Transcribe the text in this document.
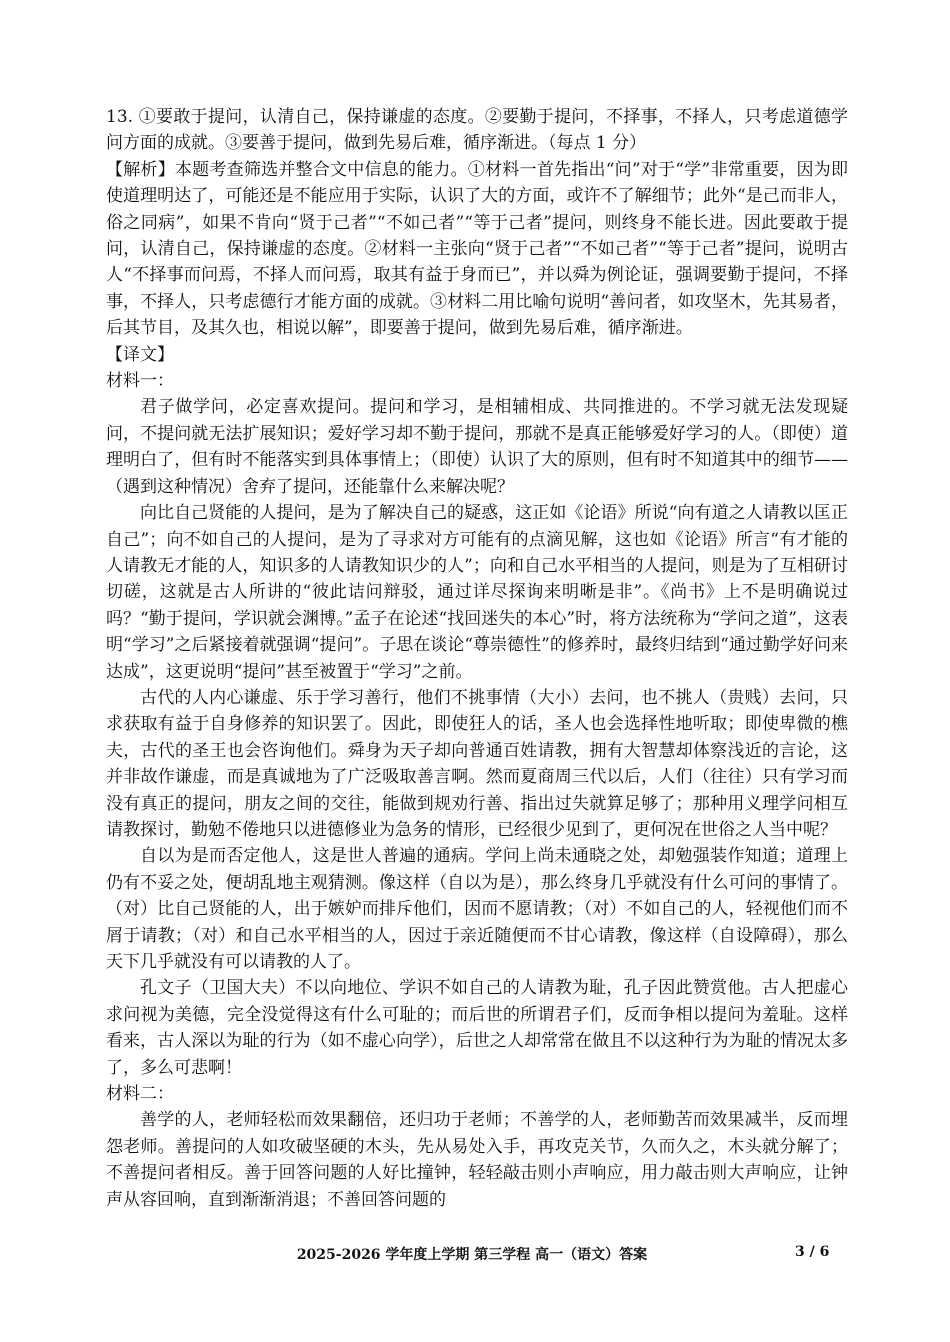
13. ①要敢于提问，认清自己，保持谦虚的态度。②要勤于提问，不择事，不择人，只考虑道德学问方面的成就。③要善于提问，做到先易后难，循序渐进。（每点 1 分）

【解析】本题考查筛选并整合文中信息的能力。①材料一首先指出“问”对于“学”非常重要，因为即使道理明达了，可能还是不能应用于实际，认识了大的方面，或许不了解细节；此外“是己而非人，俗之同病”，如果不肯向“贤于己者”“不如己者”“等于己者”提问，则终身不能长进。因此要敢于提问，认清自己，保持谦虚的态度。②材料一主张向“贤于己者”“不如己者”“等于己者”提问，说明古人“不择事而问焉，不择人而问焉，取其有益于身而已”，并以舜为例论证，强调要勤于提问，不择事，不择人，只考虑德行才能方面的成就。③材料二用比喻句说明“善问者，如攻坚木，先其易者，后其节目，及其久也，相说以解”，即要善于提问，做到先易后难，循序渐进。

【译文】

材料一：

君子做学问，必定喜欢提问。提问和学习，是相辅相成、共同推进的。不学习就无法发现疑问，不提问就无法扩展知识；爱好学习却不勤于提问，那就不是真正能够爱好学习的人。（即使）道理明白了，但有时不能落实到具体事情上；（即使）认识了大的原则，但有时不知道其中的细节——（遇到这种情况）舍弃了提问，还能靠什么来解决呢？

向比自己贤能的人提问，是为了解决自己的疑惑，这正如《论语》所说“向有道之人请教以匡正自己”；向不如自己的人提问，是为了寻求对方可能有的点滴见解，这也如《论语》所言“有才能的人请教无才能的人，知识多的人请教知识少的人”；向和自己水平相当的人提问，则是为了互相研讨切磋，这就是古人所讲的“彼此诘问辩驳，通过详尽探询来明晰是非”。《尚书》上不是明确说过吗？“勤于提问，学识就会渊博。”孟子在论述“找回迷失的本心”时，将方法统称为“学问之道”，这表明“学习”之后紧接着就强调“提问”。子思在谈论“尊崇德性”的修养时，最终归结到“通过勤学好问来达成”，这更说明“提问”甚至被置于“学习”之前。

古代的人内心谦虚、乐于学习善行，他们不挑事情（大小）去问，也不挑人（贵贱）去问，只求获取有益于自身修养的知识罢了。因此，即使狂人的话，圣人也会选择性地听取；即使卑微的樵夫，古代的圣王也会咨询他们。舜身为天子却向普通百姓请教，拥有大智慧却体察浅近的言论，这并非故作谦虚，而是真诚地为了广泛吸取善言啊。然而夏商周三代以后，人们（往往）只有学习而没有真正的提问，朋友之间的交往，能做到规劝行善、指出过失就算足够了；那种用义理学问相互请教探讨，勤勉不倦地只以进德修业为急务的情形，已经很少见到了，更何况在世俗之人当中呢？

自以为是而否定他人，这是世人普遍的通病。学问上尚未通晓之处，却勉强装作知道；道理上仍有不妥之处，便胡乱地主观猜测。像这样（自以为是），那么终身几乎就没有什么可问的事情了。（对）比自己贤能的人，出于嫉妒而排斥他们，因而不愿请教；（对）不如自己的人，轻视他们而不屑于请教；（对）和自己水平相当的人，因过于亲近随便而不甘心请教，像这样（自设障碍），那么天下几乎就没有可以请教的人了。

孔文子（卫国大夫）不以向地位、学识不如自己的人请教为耻，孔子因此赞赏他。古人把虚心求问视为美德，完全没觉得这有什么可耻的；而后世的所谓君子们，反而争相以提问为羞耻。这样看来，古人深以为耻的行为（如不虚心向学），后世之人却常常在做且不以这种行为为耻的情况太多了，多么可悲啊！

材料二：

善学的人，老师轻松而效果翻倍，还归功于老师；不善学的人，老师勤苦而效果减半，反而埋怨老师。善提问的人如攻破坚硬的木头，先从易处入手，再攻克关节，久而久之，木头就分解了；不善提问者相反。善于回答问题的人好比撞钟，轻轻敲击则小声响应，用力敲击则大声响应，让钟声从容回响，直到渐渐消退；不善回答问题的

2025-2026 学年度上学期 第三学程 高一（语文）答案	3 / 6
